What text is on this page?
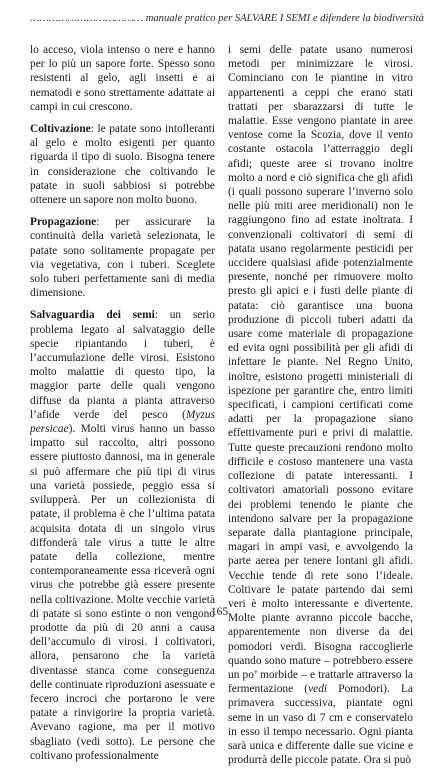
……………………………… manuale pratico per SALVARE I SEMI e difendere la biodiversità

lo acceso, viola intenso o nere e hanno per lo più un sapore forte. Spesso sono resistenti al gelo, agli insetti e ai nematodi e sono strettamente adattate ai campi in cui crescono.

Coltivazione: le patate sono intolleranti al gelo e molto esigenti per quanto riguarda il tipo di suolo. Bisogna tenere in considerazione che coltivando le patate in suoli sabbiosi si potrebbe ottenere un sapore non molto buono.

Propagazione: per assicurare la continuità della varietà selezionata, le patate sono solitamente propagate per via vegetativa, con i tuberi. Sceglete solo tuberi perfettamente sani di media dimensione.

Salvaguardia dei semi: un serio problema legato al salvataggio delle specie ripiantando i tuberi, è l’accumulazione delle virosi. Esistono molto malattie di questo tipo, la maggior parte delle quali vengono diffuse da pianta a pianta attraverso l’afide verde del pesco (Myzus persicae). Molti virus hanno un basso impatto sul raccolto, altri possono essere piuttosto dannosi, ma in generale si può affermare che più tipi di virus una varietà possiede, peggio essa si svilupperà. Per un collezionista di patate, il problema è che l’ultima patata acquisita dotata di un singolo virus diffonderà tale virus a tutte le altre patate della collezione, mentre contemporaneamente essa riceverà ogni virus che potrebbe già essere presente nella coltivazione. Molte vecchie varietà di patate si sono estinte o non vengono prodotte da più di 20 anni a causa dell’accumulo di virosi. I coltivatori, allora, pensarono che la varietà diventasse stanca come conseguenza delle continuate riproduzioni asessuate e fecero incroci che portarono le vere patate a rinvigorire la propria varietà. Avevano ragione, ma per il motivo sbagliato (vedi sotto). Le persone che coltivano professionalmente

i semi delle patate usano numerosi metodi per minimizzare le virosi. Cominciano con le piantine in vitro appartenenti a ceppi che erano stati trattati per sbarazzarsi di tutte le malattie. Esse vengono piantate in aree ventose come la Scozia, dove il vento costante ostacola l’atterraggio degli afidi; queste aree si trovano inoltre molto a nord e ciò significa che gli afidi (i quali possono superare l’inverno solo nelle più miti aree meridionali) non le raggiungono fino ad estate inoltrata. I convenzionali coltivatori di semi di patata usano regolarmente pesticidi per uccidere qualsiasi afide potenzialmente presente, nonché per rimuovere molto presto gli apici e i fusti delle piante di patata: ciò garantisce una buona produzione di piccoli tuberi adatti da usare come materiale di propagazione ed evita ogni possibilità per gli afidi di infettare le piante. Nel Regno Unito, inoltre, esistono progetti ministeriali di ispezione per garantire che, entro limiti specificati, i campioni certificati come adatti per la propagazione siano effettivamente puri e privi di malattie. Tutte queste precauzioni rendono molto difficile e costoso mantenere una vasta collezione di patate interessanti. I coltivatori amatoriali possono evitare dei problemi tenendo le piante che intendono salvare per la propagazione separate dalla piantagione principale, magari in ampi vasi, e avvolgendo la parte aerea per tenere lontani gli afidi. Vecchie tende di rete sono l’ideale. Coltivare le patate partendo dai semi veri è molto interessante e divertente. Molte piante avranno piccole bacche, apparentemente non diverse da dei pomodori verdi. Bisogna raccoglierle quando sono mature – potrebbero essere un po’ morbide – e trattarle attraverso la fermentazione (vedi Pomodori). La primavera successiva, piantate ogni seme in un vaso di 7 cm e conservatelo in esso il tempo necessario. Ogni pianta sarà unica e differente dalle sue vicine e produrrà delle piccole patate. Ora si può

165
